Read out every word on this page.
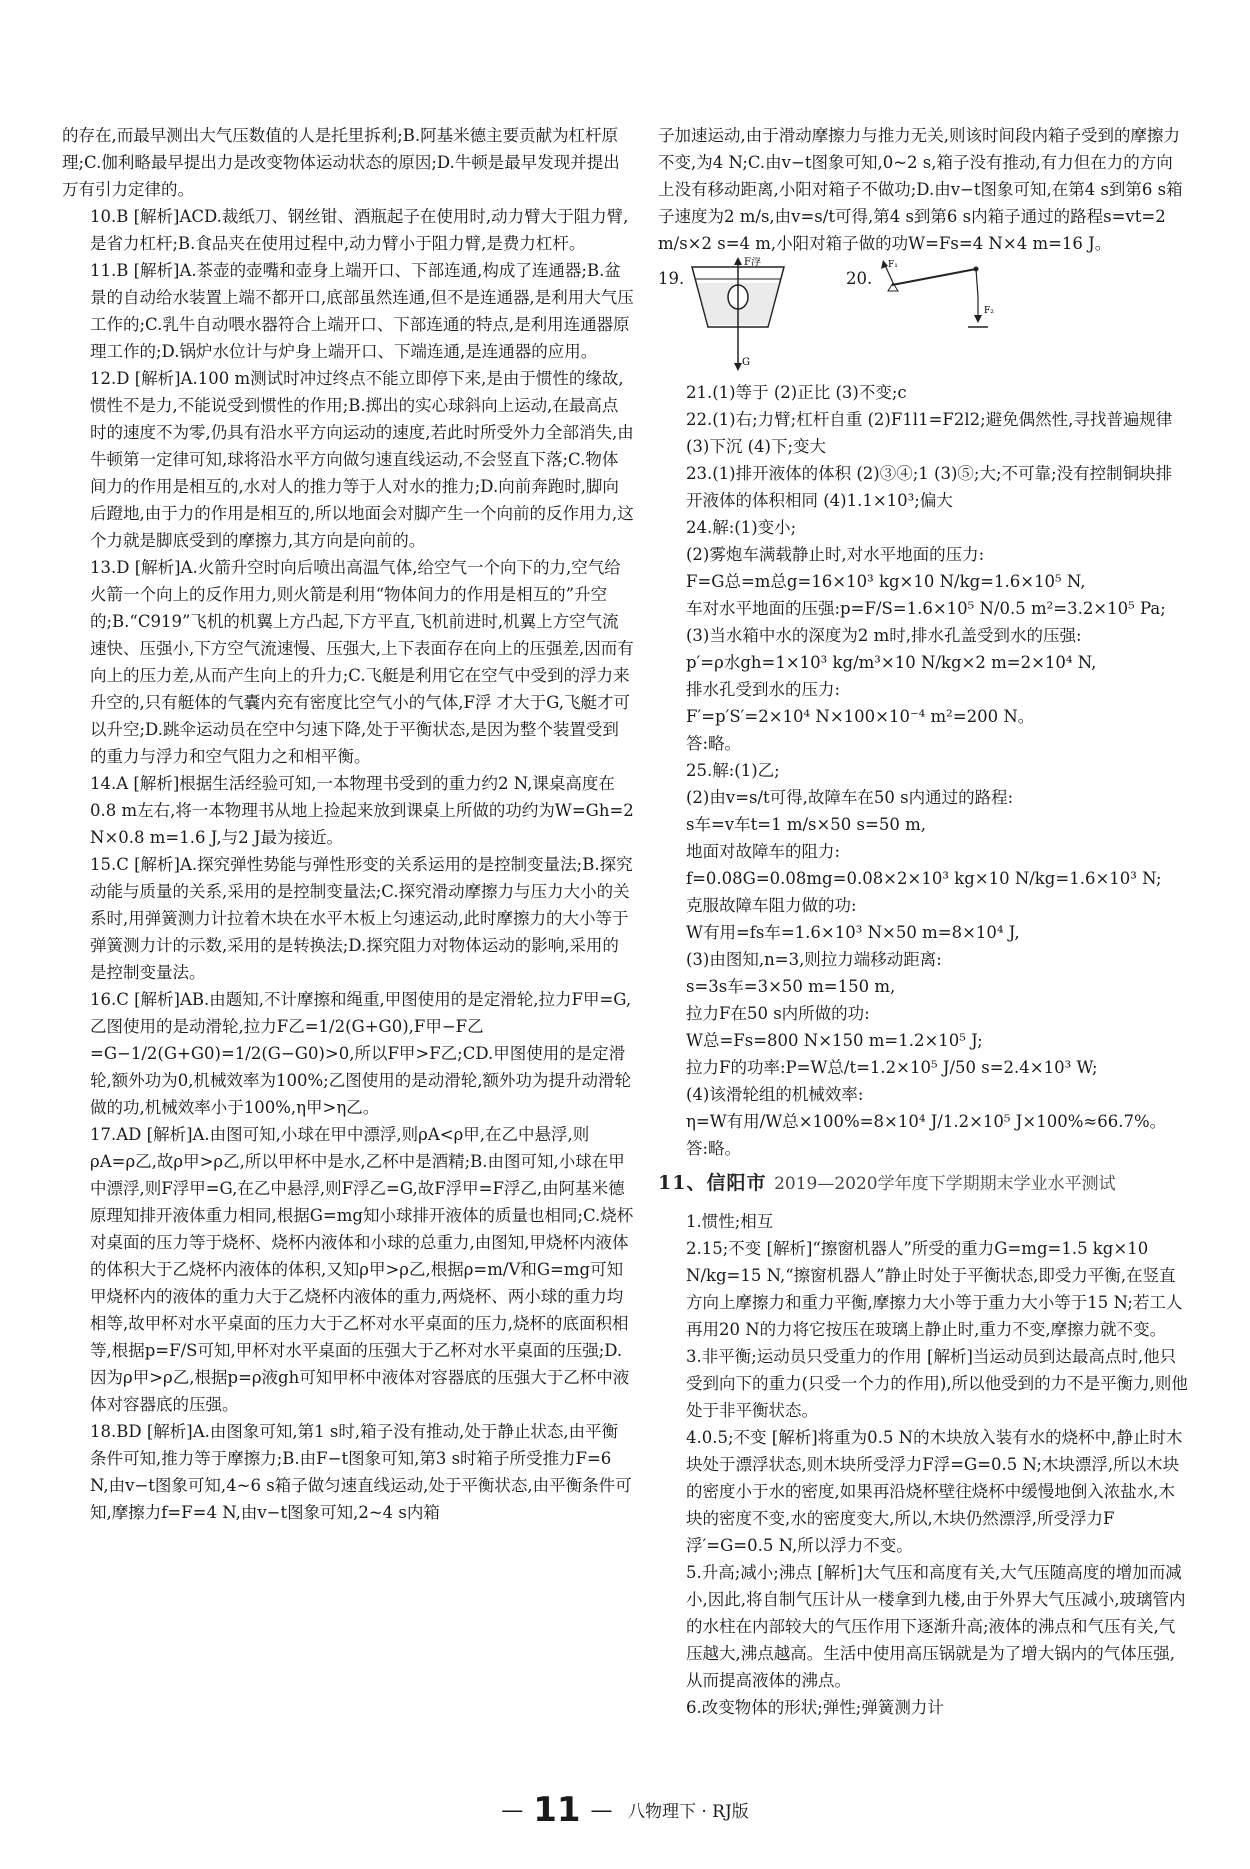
的存在,而最早测出大气压数值的人是托里拆利;B.阿基米德主要贡献为杠杆原理;C.伽利略最早提出力是改变物体运动状态的原因;D.牛顿是最早发现并提出万有引力定律的。
10.B [解析]ACD.裁纸刀、钢丝钳、酒瓶起子在使用时,动力臂大于阻力臂,是省力杠杆;B.食品夹在使用过程中,动力臂小于阻力臂,是费力杠杆。
11.B [解析]A.茶壶的壶嘴和壶身上端开口、下部连通,构成了连通器;B.盆景的自动给水装置上端不都开口,底部虽然连通,但不是连通器,是利用大气压工作的;C.乳牛自动喂水器符合上端开口、下部连通的特点,是利用连通器原理工作的;D.锅炉水位计与炉身上端开口、下端连通,是连通器的应用。
12.D [解析]A.100 m测试时冲过终点不能立即停下来,是由于惯性的缘故,惯性不是力,不能说受到惯性的作用;B.掷出的实心球斜向上运动,在最高点时的速度不为零,仍具有沿水平方向运动的速度,若此时所受外力全部消失,由牛顿第一定律可知,球将沿水平方向做匀速直线运动,不会竖直下落;C.物体间力的作用是相互的,水对人的推力等于人对水的推力;D.向前奔跑时,脚向后蹬地,由于力的作用是相互的,所以地面会对脚产生一个向前的反作用力,这个力就是脚底受到的摩擦力,其方向是向前的。
13.D [解析]A.火箭升空时向后喷出高温气体,给空气一个向下的力,空气给火箭一个向上的反作用力,则火箭是利用“物体间力的作用是相互的”升空的;B.“C919”飞机的机翼上方凸起,下方平直,飞机前进时,机翼上方空气流速快、压强小,下方空气流速慢、压强大,上下表面存在向上的压强差,因而有向上的压力差,从而产生向上的升力;C.飞艇是利用它在空气中受到的浮力来升空的,只有艇体的气囊内充有密度比空气小的气体,F浮 才大于G,飞艇才可以升空;D.跳伞运动员在空中匀速下降,处于平衡状态,是因为整个装置受到的重力与浮力和空气阻力之和相平衡。
14.A [解析]根据生活经验可知,一本物理书受到的重力约2 N,课桌高度在0.8 m左右,将一本物理书从地上捡起来放到课桌上所做的功约为W=Gh=2 N×0.8 m=1.6 J,与2 J最为接近。
15.C [解析]A.探究弹性势能与弹性形变的关系运用的是控制变量法;B.探究动能与质量的关系,采用的是控制变量法;C.探究滑动摩擦力与压力大小的关系时,用弹簧测力计拉着木块在水平木板上匀速运动,此时摩擦力的大小等于弹簧测力计的示数,采用的是转换法;D.探究阻力对物体运动的影响,采用的是控制变量法。
16.C [解析]AB.由题知,不计摩擦和绳重,甲图使用的是定滑轮,拉力F甲=G,乙图使用的是动滑轮,拉力F乙=1/2(G+G0),F甲−F乙=G−1/2(G+G0)=1/2(G−G0)>0,所以F甲>F乙;CD.甲图使用的是定滑轮,额外功为0,机械效率为100%;乙图使用的是动滑轮,额外功为提升动滑轮做的功,机械效率小于100%,η甲>η乙。
17.AD [解析]A.由图可知,小球在甲中漂浮,则ρA<ρ甲,在乙中悬浮,则ρA=ρ乙,故ρ甲>ρ乙,所以甲杯中是水,乙杯中是酒精;B.由图可知,小球在甲中漂浮,则F浮甲=G,在乙中悬浮,则F浮乙=G,故F浮甲=F浮乙,由阿基米德原理知排开液体重力相同,根据G=mg知小球排开液体的质量也相同;C.烧杯对桌面的压力等于烧杯、烧杯内液体和小球的总重力,由图知,甲烧杯内液体的体积大于乙烧杯内液体的体积,又知ρ甲>ρ乙,根据ρ=m/V和G=mg可知甲烧杯内的液体的重力大于乙烧杯内液体的重力,两烧杯、两小球的重力均相等,故甲杯对水平桌面的压力大于乙杯对水平桌面的压力,烧杯的底面积相等,根据p=F/S可知,甲杯对水平桌面的压强大于乙杯对水平桌面的压强;D.因为ρ甲>ρ乙,根据p=ρ液gh可知甲杯中液体对容器底的压强大于乙杯中液体对容器底的压强。
18.BD [解析]A.由图象可知,第1 s时,箱子没有推动,处于静止状态,由平衡条件可知,推力等于摩擦力;B.由F−t图象可知,第3 s时箱子所受推力F=6 N,由v−t图象可知,4~6 s箱子做匀速直线运动,处于平衡状态,由平衡条件可知,摩擦力f=F=4 N,由v−t图象可知,2~4 s内箱
子加速运动,由于滑动摩擦力与推力无关,则该时间段内箱子受到的摩擦力不变,为4 N;C.由v−t图象可知,0~2 s,箱子没有推动,有力但在力的方向上没有移动距离,小阳对箱子不做功;D.由v−t图象可知,在第4 s到第6 s箱子速度为2 m/s,由v=s/t可得,第4 s到第6 s内箱子通过的路程s=vt=2 m/s×2 s=4 m,小阳对箱子做的功W=Fs=4 N×4 m=16 J。
19.
F浮
G
20.
F₁
F₂
21.(1)等于 (2)正比 (3)不变;c
22.(1)右;力臂;杠杆自重 (2)F1l1=F2l2;避免偶然性,寻找普遍规律 (3)下沉 (4)下;变大
23.(1)排开液体的体积 (2)③④;1 (3)⑤;大;不可靠;没有控制铜块排开液体的体积相同 (4)1.1×10³;偏大
24.解:(1)变小;
(2)雾炮车满载静止时,对水平地面的压力:
F=G总=m总g=16×10³ kg×10 N/kg=1.6×10⁵ N,
车对水平地面的压强:p=F/S=1.6×10⁵ N/0.5 m²=3.2×10⁵ Pa;
(3)当水箱中水的深度为2 m时,排水孔盖受到水的压强:
p′=ρ水gh=1×10³ kg/m³×10 N/kg×2 m=2×10⁴ N,
排水孔受到水的压力:
F′=p′S′=2×10⁴ N×100×10⁻⁴ m²=200 N。
答:略。
25.解:(1)乙;
(2)由v=s/t可得,故障车在50 s内通过的路程:
s车=v车t=1 m/s×50 s=50 m,
地面对故障车的阻力:
f=0.08G=0.08mg=0.08×2×10³ kg×10 N/kg=1.6×10³ N;
克服故障车阻力做的功:
W有用=fs车=1.6×10³ N×50 m=8×10⁴ J,
(3)由图知,n=3,则拉力端移动距离:
s=3s车=3×50 m=150 m,
拉力F在50 s内所做的功:
W总=Fs=800 N×150 m=1.2×10⁵ J;
拉力F的功率:P=W总/t=1.2×10⁵ J/50 s=2.4×10³ W;
(4)该滑轮组的机械效率:
η=W有用/W总×100%=8×10⁴ J/1.2×10⁵ J×100%≈66.7%。
答:略。
11、信阳市 2019—2020学年度下学期期末学业水平测试
1.惯性;相互
2.15;不变 [解析]“擦窗机器人”所受的重力G=mg=1.5 kg×10 N/kg=15 N,“擦窗机器人”静止时处于平衡状态,即受力平衡,在竖直方向上摩擦力和重力平衡,摩擦力大小等于重力大小等于15 N;若工人再用20 N的力将它按压在玻璃上静止时,重力不变,摩擦力就不变。
3.非平衡;运动员只受重力的作用 [解析]当运动员到达最高点时,他只受到向下的重力(只受一个力的作用),所以他受到的力不是平衡力,则他处于非平衡状态。
4.0.5;不变 [解析]将重为0.5 N的木块放入装有水的烧杯中,静止时木块处于漂浮状态,则木块所受浮力F浮=G=0.5 N;木块漂浮,所以木块的密度小于水的密度,如果再沿烧杯壁往烧杯中缓慢地倒入浓盐水,木块的密度不变,水的密度变大,所以,木块仍然漂浮,所受浮力F浮′=G=0.5 N,所以浮力不变。
5.升高;减小;沸点 [解析]大气压和高度有关,大气压随高度的增加而减小,因此,将自制气压计从一楼拿到九楼,由于外界大气压减小,玻璃管内的水柱在内部较大的气压作用下逐渐升高;液体的沸点和气压有关,气压越大,沸点越高。生活中使用高压锅就是为了增大锅内的气体压强,从而提高液体的沸点。
6.改变物体的形状;弹性;弹簧测力计
— 11 — 八物理下 · RJ版
